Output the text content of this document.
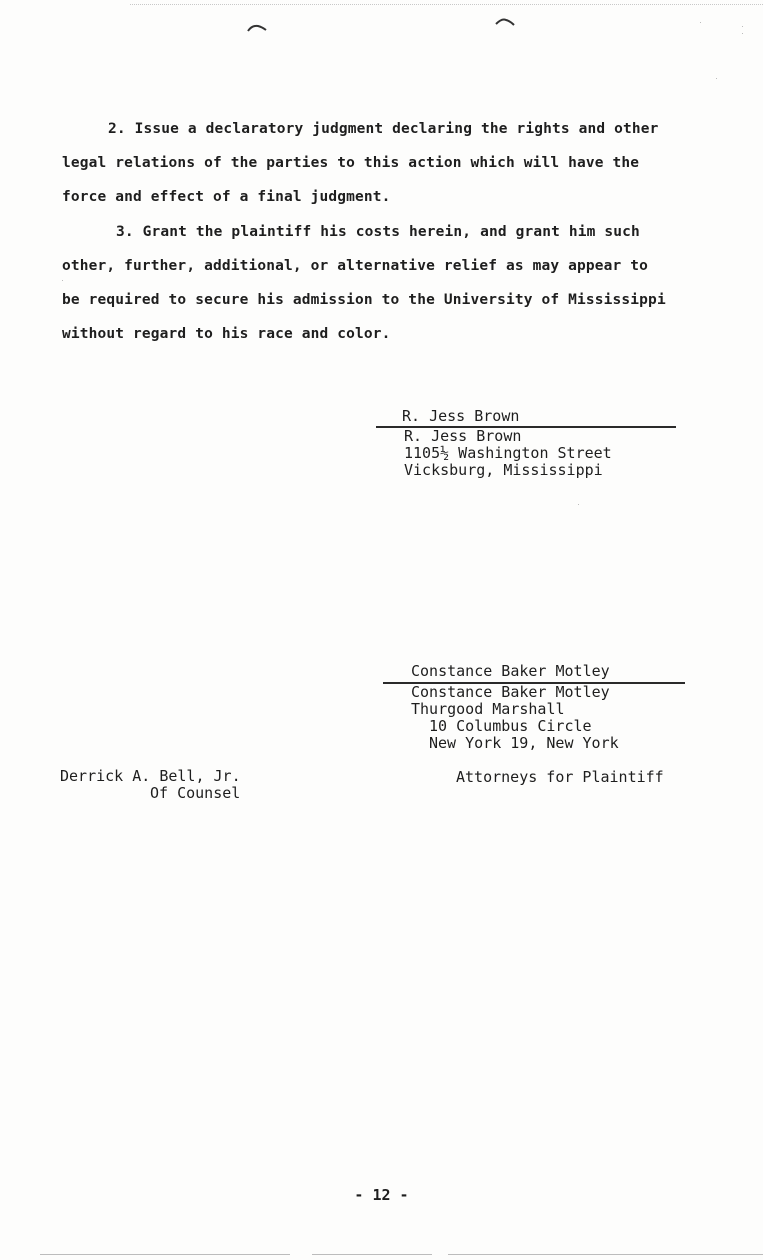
2. Issue a declaratory judgment declaring the rights and other
legal relations of the parties to this action which will have the
force and effect of a final judgment.

3. Grant the plaintiff his costs herein, and grant him such
other, further, additional, or alternative relief as may appear to
be required to secure his admission to the University of Mississippi
without regard to his race and color.

R. Jess Brown
R. Jess Brown
1105½ Washington Street
Vicksburg, Mississippi
Constance Baker Motley
Constance Baker Motley
Thurgood Marshall
10 Columbus Circle
New York 19, New York
Attorneys for Plaintiff
Derrick A. Bell, Jr.
Of Counsel
- 12 -
